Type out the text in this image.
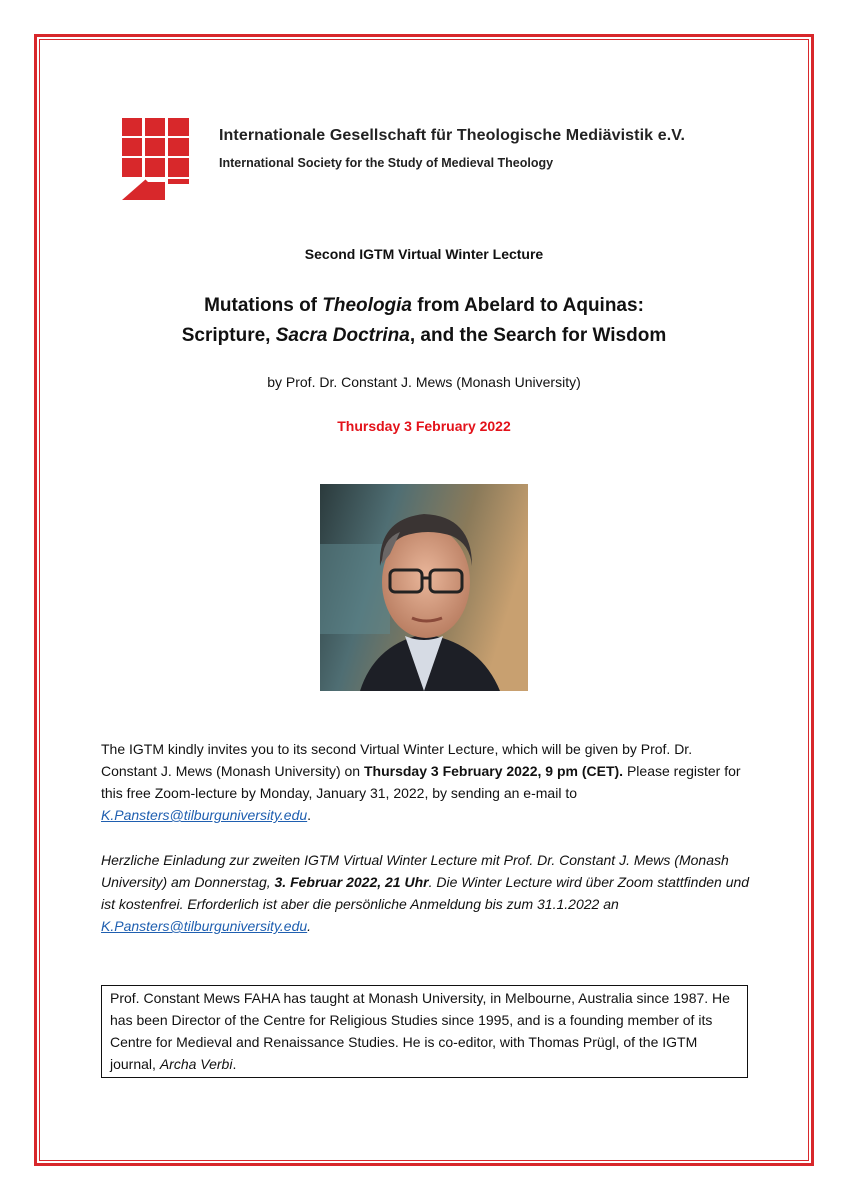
Internationale Gesellschaft für Theologische Mediävistik e.V.
International Society for the Study of Medieval Theology
Second IGTM Virtual Winter Lecture
Mutations of Theologia from Abelard to Aquinas:
Scripture, Sacra Doctrina, and the Search for Wisdom
by Prof. Dr. Constant J. Mews (Monash University)
Thursday 3 February 2022
The IGTM kindly invites you to its second Virtual Winter Lecture, which will be given by Prof. Dr. Constant J. Mews (Monash University) on Thursday 3 February 2022, 9 pm (CET). Please register for this free Zoom-lecture by Monday, January 31, 2022, by sending an e-mail to K.Pansters@tilburguniversity.edu.
Herzliche Einladung zur zweiten IGTM Virtual Winter Lecture mit Prof. Dr. Constant J. Mews (Monash University) am Donnerstag, 3. Februar 2022, 21 Uhr. Die Winter Lecture wird über Zoom stattfinden und ist kostenfrei. Erforderlich ist aber die persönliche Anmeldung bis zum 31.1.2022 an K.Pansters@tilburguniversity.edu.
Prof. Constant Mews FAHA has taught at Monash University, in Melbourne, Australia since 1987. He has been Director of the Centre for Religious Studies since 1995, and is a founding member of its Centre for Medieval and Renaissance Studies. He is co-editor, with Thomas Prügl, of the IGTM journal, Archa Verbi.
